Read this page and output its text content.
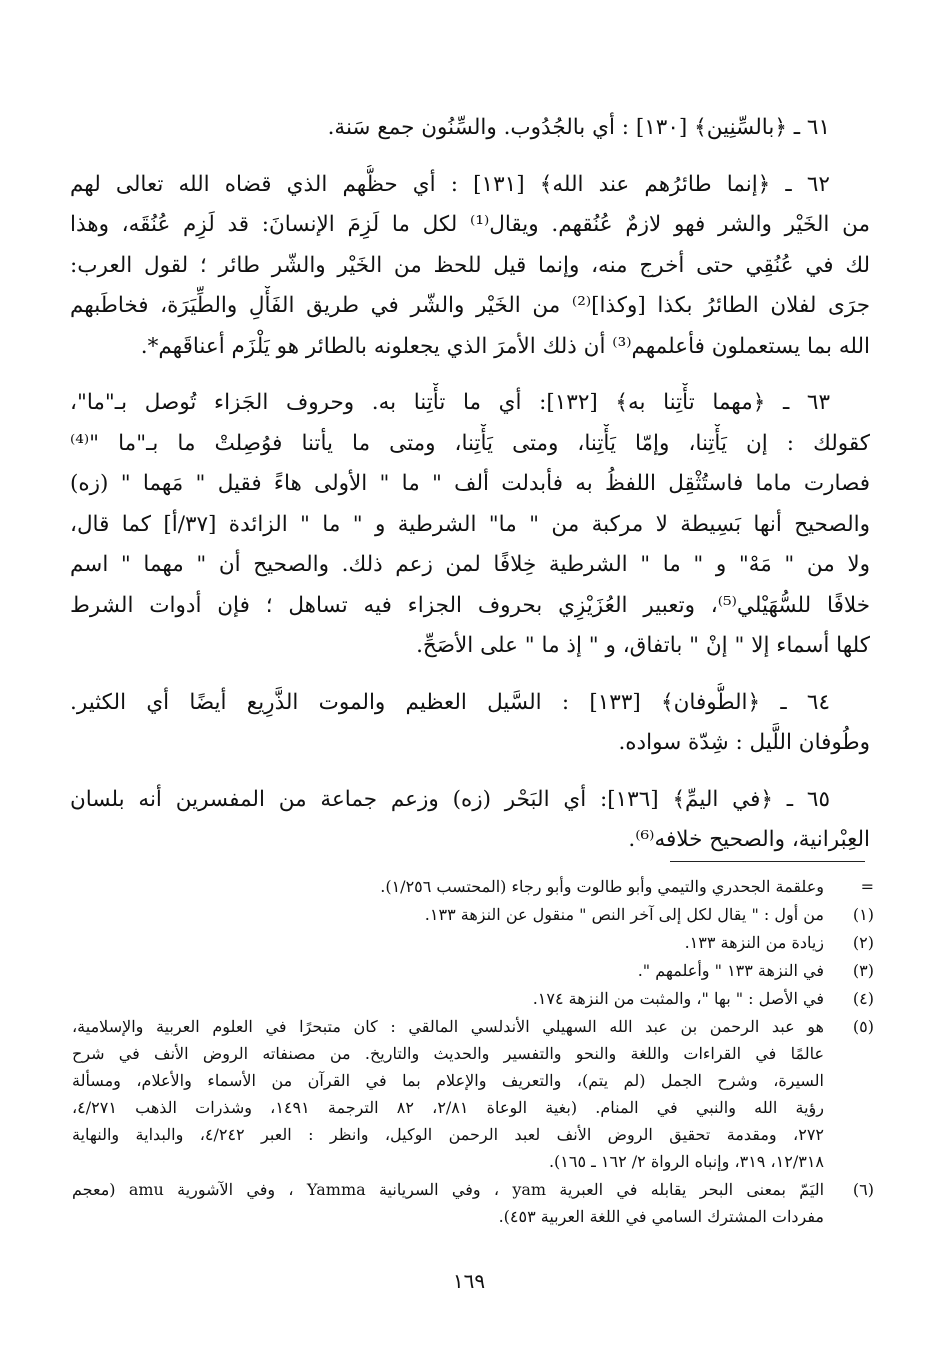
٦١ ـ ﴿بالسِّنِين﴾ [١٣٠] : أي بالجُدُوب. والسِّنُون جمع سَنة.
٦٢ ـ ﴿إنما طائرُهم عند الله﴾ [١٣١] : أي حظُّهم الذي قضاه الله تعالى لهم
من الخَيْر والشر فهو لازمٌ عُنُقهم. ويقال⁽¹⁾ لكل ما لَزِمَ الإنسانَ: قد لَزِم عُنُقَه، وهذا
لك في عُنُقِي حتى أخرج منه، وإنما قيل للحظ من الخَيْر والشّر طائر ؛ لقول العرب:
جرَى لفلان الطائرُ بكذا [وكذا]⁽²⁾ من الخَيْر والشّر في طريق الفَأْلِ والطِّيَرَة، فخاطَبهم
الله بما يستعملون فأعلمهم⁽³⁾ أن ذلك الأمرَ الذي يجعلونه بالطائر هو يَلْزَم أعناقَهم*.
٦٣ ـ ﴿مهما تأْتِنا به﴾ [١٣٢]: أي ما تأْتِنا به. وحروف الجَزاء تُوصل بـ"ما"،
كقولك : إن يَأْتِنا، وإمّا يَأْتِنا، ومتى يَأْتِنا، ومتى ما يأتنا فوُصِلتْ ما بـ"ما "⁽⁴⁾
فصارت ماما فاستُثْقِل اللفظُ به فأبدلت ألف " ما " الأولى هاءً فقيل " مَهما " (زه)
والصحيح أنها بَسِيطة لا مركبة من " ما" الشرطية و " ما " الزائدة [٣٧/أ] كما قال،
ولا من " مَهْ" و " ما " الشرطية خِلافًا لمن زعم ذلك. والصحيح أن " مهما " اسم
خلافًا للسُّهَيْلي⁽⁵⁾، وتعبير العُزَيْزِي بحروف الجزاء فيه تساهل ؛ فإن أدوات الشرط
كلها أسماء إلا " إنْ " باتفاق، و " إذ ما " على الأصَحِّ.
٦٤ ـ ﴿الطُّوفان﴾ [١٣٣] : السَّيل العظيم والموت الذَّرِيع أيضًا أي الكثير.
وطُوفان اللَّيل : شِدّة سواده.
٦٥ ـ ﴿في اليمِّ﴾ [١٣٦]: أي البَحْر (زه) وزعم جماعة من المفسرين أنه بلسان
العِبْرانية، والصحيح خلافه⁽⁶⁾.
=
وعلقمة الجحدري والتيمي وأبو طالوت وأبو رجاء (المحتسب ١/٢٥٦).
(١)
من أول : " يقال لكل إلى آخر النص " منقول عن النزهة ١٣٣.
(٢)
زيادة من النزهة ١٣٣.
(٣)
في النزهة ١٣٣ " وأعلمهم ".
(٤)
في الأصل : " بها "، والمثبت من النزهة ١٧٤.
(٥)
هو عبد الرحمن بن عبد الله السهيلي الأندلسي المالقي : كان متبحرًا في العلوم العربية والإسلامية،
عالمًا في القراءات واللغة والنحو والتفسير والحديث والتاريخ. من مصنفاته الروض الأنف في شرح
السيرة، وشرح الجمل (لم يتم)، والتعريف والإعلام بما في القرآن من الأسماء والأعلام، ومسألة
رؤية الله والنبي في المنام. (بغية الوعاة ٢/٨١، ٨٢ الترجمة ١٤٩١، وشذرات الذهب ٤/٢٧١،
٢٧٢، ومقدمة تحقيق الروض الأنف لعبد الرحمن الوكيل، وانظر : العبر ٤/٢٤٢، والبداية والنهاية
١٢/٣١٨، ٣١٩، وإنباه الرواة ٢/ ١٦٢ ـ ١٦٥).
(٦)
اليَمّ بمعنى البحر يقابله في العبرية yam ، وفي السريانية Yamma ، وفي الآشورية amu (معجم
مفردات المشترك السامي في اللغة العربية ٤٥٣).
١٦٩
